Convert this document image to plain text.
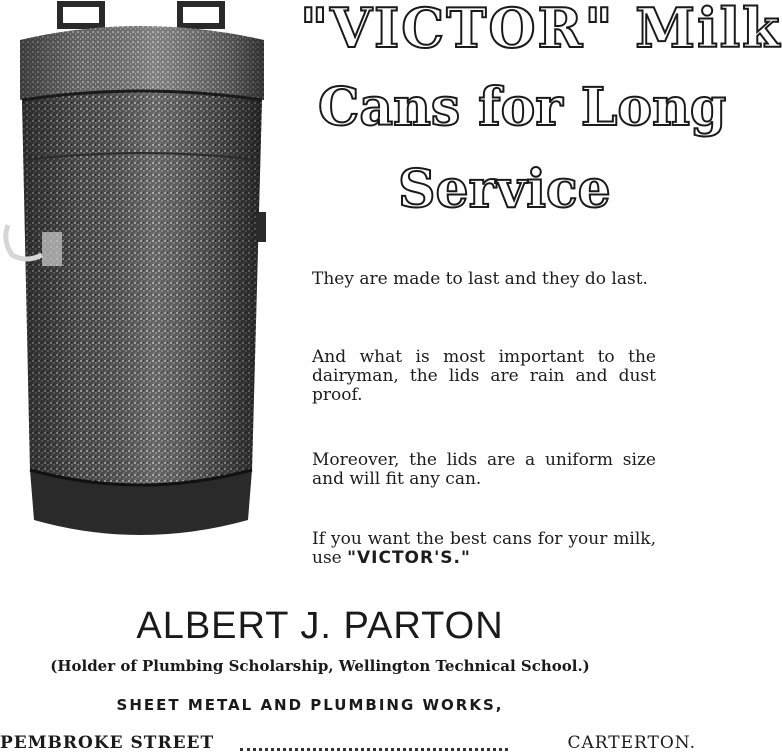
"VICTOR" Milk
Cans for Long
Service
They are made to last and they do last.
And what is most important to the dairyman, the lids are rain and dust proof.
Moreover, the lids are a uniform size and will fit any can.
If you want the best cans for your milk, use "VICTOR'S."
ALBERT J. PARTON
(Holder of Plumbing Scholarship, Wellington Technical School.)
SHEET METAL AND PLUMBING WORKS,
PEMBROKE STREET	CARTERTON.
